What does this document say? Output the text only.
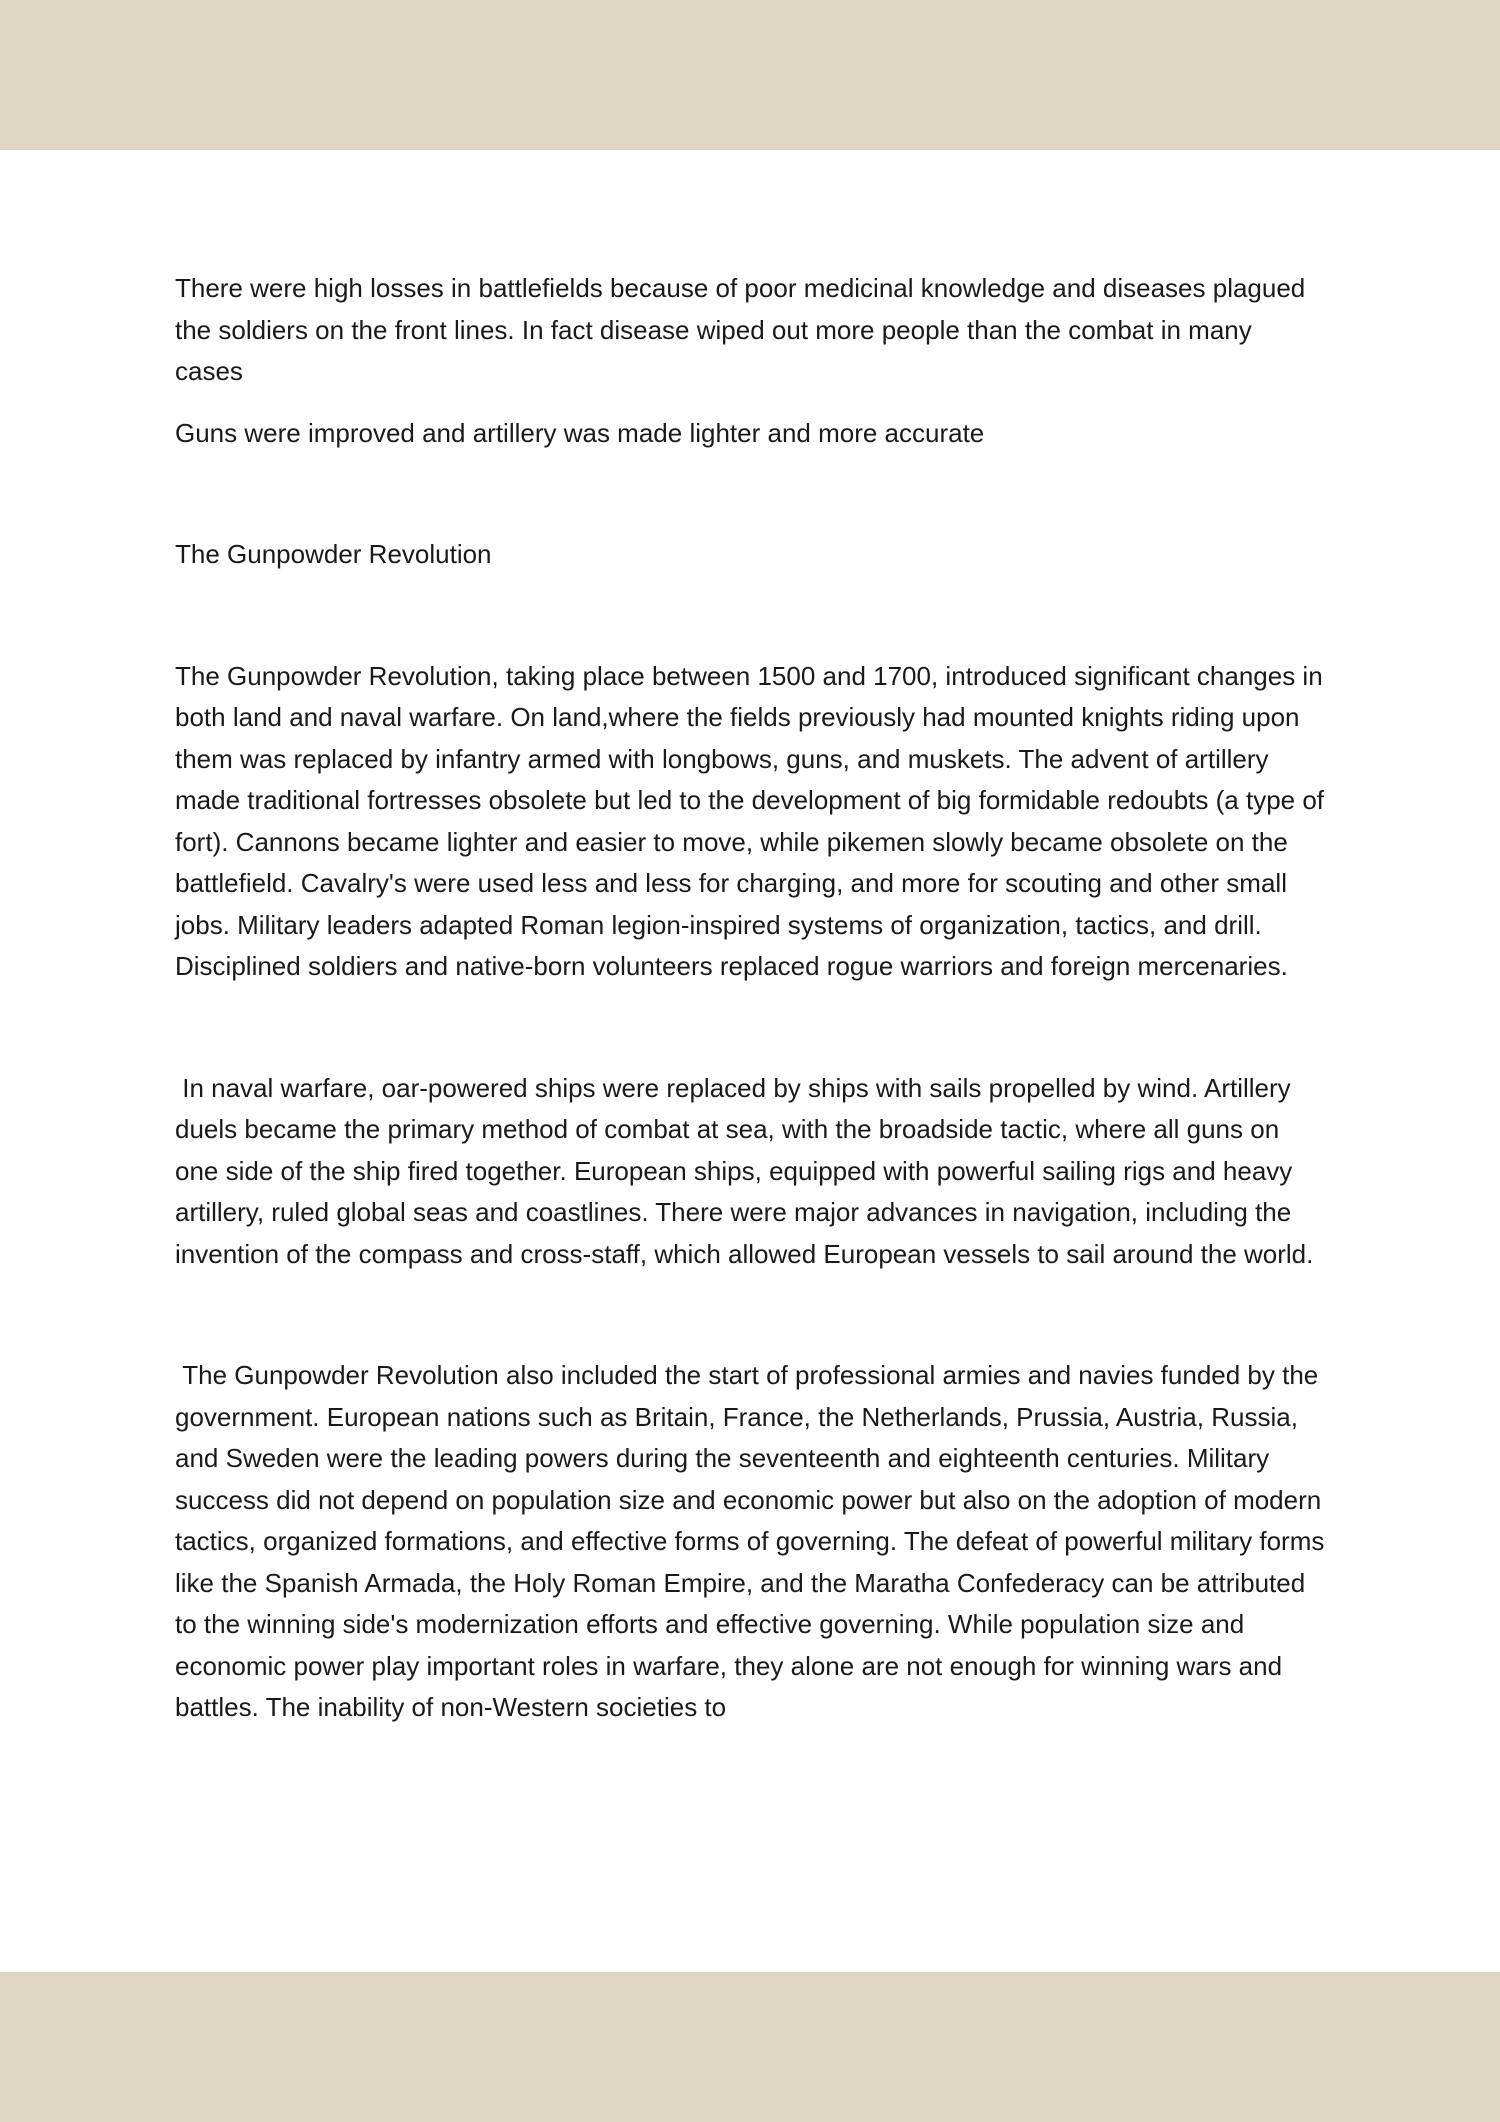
There were high losses in battlefields because of poor medicinal knowledge and diseases plagued the soldiers on the front lines. In fact disease wiped out more people than the combat in many cases

Guns were improved and artillery was made lighter and more accurate

The Gunpowder Revolution

The Gunpowder Revolution, taking place between 1500 and 1700, introduced significant changes in both land and naval warfare. On land,where the fields previously had mounted knights riding upon them was replaced by infantry armed with longbows, guns, and muskets. The advent of artillery made traditional fortresses obsolete but led to the development of big formidable redoubts (a type of fort). Cannons became lighter and easier to move, while pikemen slowly became obsolete on the battlefield. Cavalry's were used less and less for charging, and more for scouting and other small jobs. Military leaders adapted Roman legion-inspired systems of organization, tactics, and drill. Disciplined soldiers and native-born volunteers replaced rogue warriors and foreign mercenaries.

In naval warfare, oar-powered ships were replaced by ships with sails propelled by wind. Artillery duels became the primary method of combat at sea, with the broadside tactic, where all guns on one side of the ship fired together. European ships, equipped with powerful sailing rigs and heavy artillery, ruled global seas and coastlines. There were major advances in navigation, including the invention of the compass and cross-staff, which allowed European vessels to sail around the world.

The Gunpowder Revolution also included the start of professional armies and navies funded by the government. European nations such as Britain, France, the Netherlands, Prussia, Austria, Russia, and Sweden were the leading powers during the seventeenth and eighteenth centuries. Military success did not depend on population size and economic power but also on the adoption of modern tactics, organized formations, and effective forms of governing. The defeat of powerful military forms like the Spanish Armada, the Holy Roman Empire, and the Maratha Confederacy can be attributed to the winning side's modernization efforts and effective governing. While population size and economic power play important roles in warfare, they alone are not enough for winning wars and battles. The inability of non-Western societies to
